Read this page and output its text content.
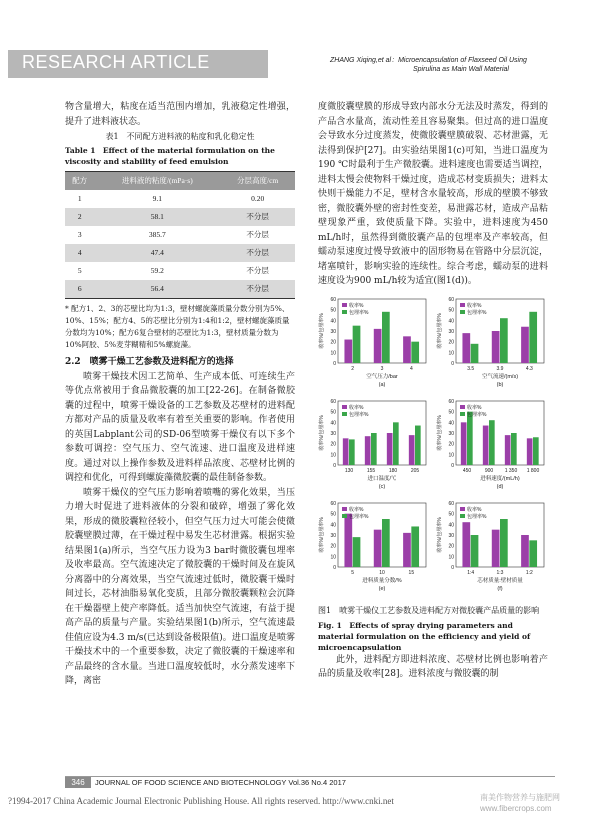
RESEARCH ARTICLE	ZHANG Xiqing,et al：Microencapsulation of Flaxseed Oil Using
Spirulina as Main Wall Material

物含量增大，粘度在适当范围内增加，乳液稳定性增强，提升了进料液状态。

表1　不同配方进料液的粘度和乳化稳定性
Table 1　Effect of the material formulation on the viscosity and stability of feed emulsion
配方	进料液的粘度/(mPa·s)	分层高度/cm
1	9.1	0.20
2	58.1	不分层
3	385.7	不分层
4	47.4	不分层
5	59.2	不分层
6	56.4	不分层
* 配方1、2、3的芯壁比均为1:3，壁材螺旋藻质量分数分别为5%、10%、15%；配方4、5的芯壁比分别为1:4和1:2，壁材螺旋藻质量分数均为10%；配方6复合壁材的芯壁比为1:3，壁材质量分数为10%阿胶、5%麦芽糊精和5%螺旋藻。
2.2　喷雾干燥工艺参数及进料配方的选择

喷雾干燥技术因工艺简单、生产成本低、可连续生产等优点常被用于食品微胶囊的加工[22-26]。在制备微胶囊的过程中，喷雾干燥设备的工艺参数及芯壁材的进料配方都对产品的质量及收率有着至关重要的影响。作者使用的英国Labplant公司的SD-06型喷雾干燥仪有以下多个参数可调控：空气压力、空气流速、进口温度及进样速度。通过对以上操作参数及进料样品浓度、芯壁材比例的调控和优化，可得到螺旋藻微胶囊的最佳制备参数。

喷雾干燥仪的空气压力影响着喷嘴的雾化效果，当压力增大时促进了进料液体的分裂和破碎，增强了雾化效果，形成的微胶囊粒径较小，但空气压力过大可能会使微胶囊壁膜过薄，在干燥过程中易发生芯材泄露。根据实验结果图1(a)所示，当空气压力设为3 bar时微胶囊包埋率及收率最高。空气流速决定了微胶囊的干燥时间及在旋风分离器中的分离效果，当空气流速过低时，微胶囊干燥时间过长，芯材油脂易氧化变质，且部分微胶囊颗粒会沉降在干燥器壁上使产率降低。适当加快空气流速，有益于提高产品的质量与产量。实验结果图1(b)所示，空气流速最佳值应设为4.3 m/s(已达到设备极限值)。进口温度是喷雾干燥技术中的一个重要参数，决定了微胶囊的干燥速率和产品最终的含水量。当进口温度较低时，水分蒸发速率下降，离密

度微胶囊壁膜的形成导致内部水分无法及时蒸发，得到的产品含水量高，流动性差且容易聚集。但过高的进口温度会导致水分过度蒸发，使微胶囊壁膜破裂、芯材泄露，无法得到保护[27]。由实验结果图1(c)可知，当进口温度为190 ℃时最利于生产微胶囊。进料速度也需要适当调控，进料太慢会使物料干燥过度，造成芯材变质损失；进料太快则干燥能力不足，壁材含水量较高，形成的壁膜不够致密，微胶囊外壁的密封性变差，易泄露芯材，造成产品粘壁现象严重，致使质量下降。实验中，进料速度为450 mL/h时，虽然得到微胶囊产品的包埋率及产率较高，但蠕动泵速度过慢导致液中的固形物易在管路中分层沉淀，堵塞喷针，影响实验的连续性。综合考虑，蠕动泵的进料速度设为900 mL/h较为适宜(图1(d))。

0
10
20
30
40
50
60
收率%/包埋率%
2	3	4
空气压力/bar
(a)
收率%
包埋率%
0
10
20
30
40
50
60
收率%/包埋率%
3.5	3.9	4.3
空气流速/(m/s)
(b)
收率%
包埋率%
0
10
20
30
40
50
60
收率%/包埋率%
130	155	180	205
进口温度/℃
(c)
收率%
包埋率%
0
10
20
30
40
50
60
收率%/包埋率%
450	900 1 350 1 800
进料速度/(mL/h)
(d)
收率%
包埋率%
0
10
20
30
40
50
60
收率%/包埋率%
5	10	15
进料质量分数/%
(e)
收率%
包埋率%
0
10
20
30
40
50
60
收率%/包埋率%
1:4	1:3	1:2
芯材质量:壁材质量
(f)
收率%
包埋率%
图1　喷雾干燥仪工艺参数及进料配方对微胶囊产品质量的影响
Fig. 1　Effects of spray drying parameters and material formulation on the efficiency and yield of microencapsulation

此外，进料配方即进料浓度、芯壁材比例也影响着产品的质量及收率[28]。进料浓度与微胶囊的制

346	JOURNAL OF FOOD SCIENCE AND BIOTECHNOLOGY Vol.36 No.4 2017
?1994-2017 China Academic Journal Electronic Publishing House. All rights reserved. http://www.cnki.net	南美作物营养与施肥网 www.fibercrops.com
